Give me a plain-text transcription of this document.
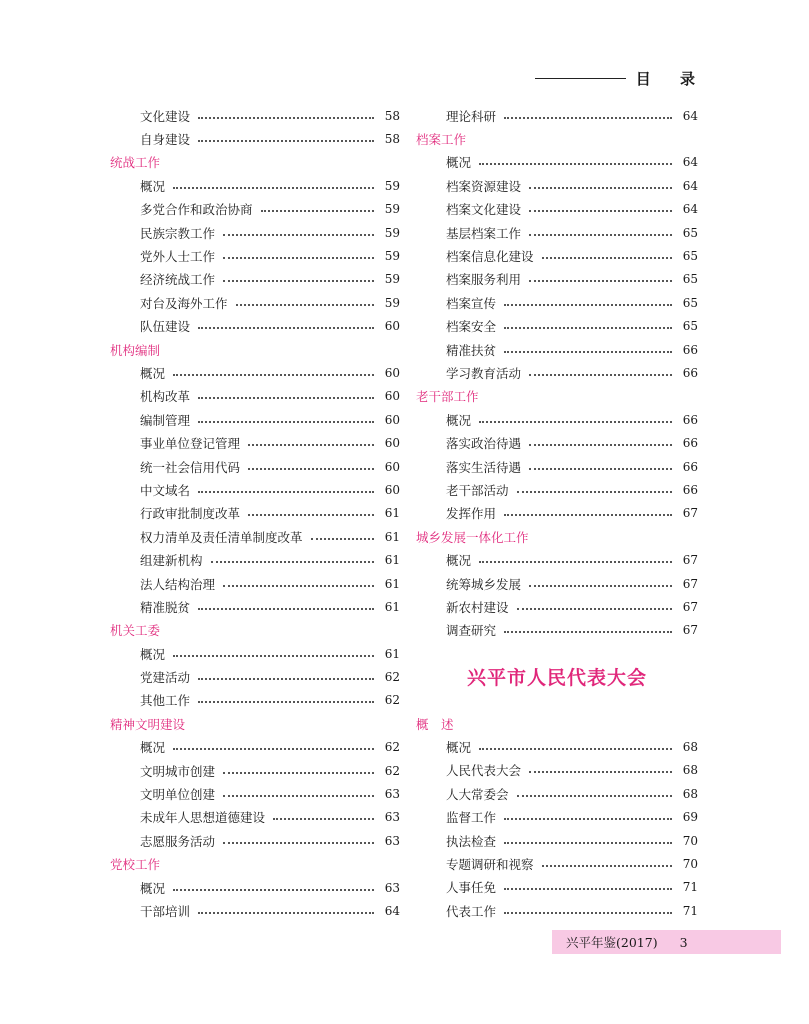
目 录
文化建设	58
自身建设	58
统战工作
概况	59
多党合作和政治协商	59
民族宗教工作	59
党外人士工作	59
经济统战工作	59
对台及海外工作	59
队伍建设	60
机构编制
概况	60
机构改革	60
编制管理	60
事业单位登记管理	60
统一社会信用代码	60
中文域名	60
行政审批制度改革	61
权力清单及责任清单制度改革	61
组建新机构	61
法人结构治理	61
精准脱贫	61
机关工委
概况	61
党建活动	62
其他工作	62
精神文明建设
概况	62
文明城市创建	62
文明单位创建	63
未成年人思想道德建设	63
志愿服务活动	63
党校工作
概况	63
干部培训	64
理论科研	64
档案工作
概况	64
档案资源建设	64
档案文化建设	64
基层档案工作	65
档案信息化建设	65
档案服务利用	65
档案宣传	65
档案安全	65
精准扶贫	66
学习教育活动	66
老干部工作
概况	66
落实政治待遇	66
落实生活待遇	66
老干部活动	66
发挥作用	67
城乡发展一体化工作
概况	67
统筹城乡发展	67
新农村建设	67
调查研究	67
兴平市人民代表大会
概　述
概况	68
人民代表大会	68
人大常委会	68
监督工作	69
执法检查	70
专题调研和视察	70
人事任免	71
代表工作	71
兴平年鉴(2017) 3
